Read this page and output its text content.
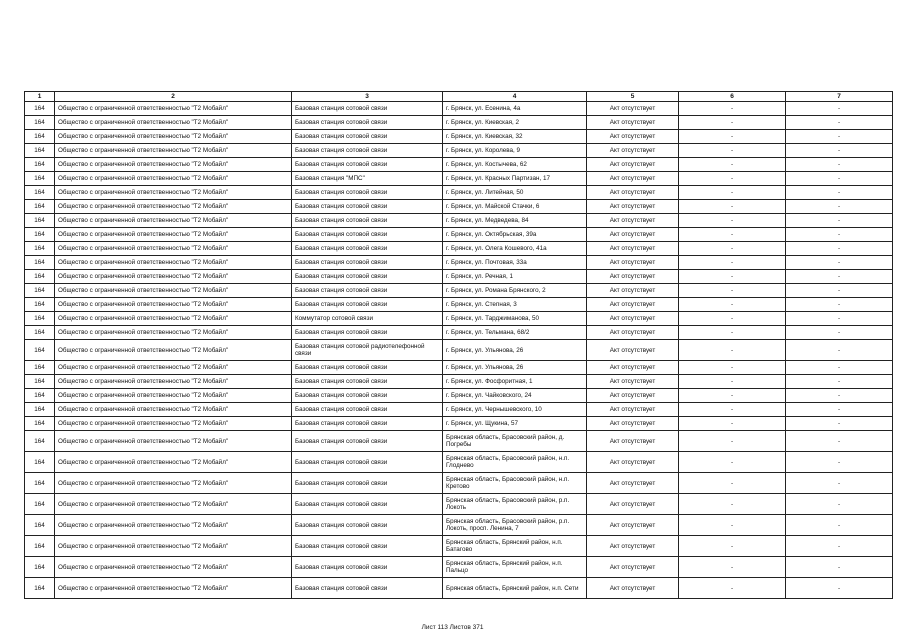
1	2	3	4	5	6	7
164	Общество с ограниченной ответственностью "Т2 Мобайл"	Базовая станция сотовой связи	г. Брянск, ул. Есенина, 4а	Акт отсутствует	-	-
164	Общество с ограниченной ответственностью "Т2 Мобайл"	Базовая станция сотовой связи	г. Брянск, ул. Киевская, 2	Акт отсутствует	-	-
164	Общество с ограниченной ответственностью "Т2 Мобайл"	Базовая станция сотовой связи	г. Брянск, ул. Киевская, 32	Акт отсутствует	-	-
164	Общество с ограниченной ответственностью "Т2 Мобайл"	Базовая станция сотовой связи	г. Брянск, ул. Королева, 9	Акт отсутствует	-	-
164	Общество с ограниченной ответственностью "Т2 Мобайл"	Базовая станция сотовой связи	г. Брянск, ул. Костычева, 62	Акт отсутствует	-	-
164	Общество с ограниченной ответственностью "Т2 Мобайл"	Базовая станция "МПС"	г. Брянск, ул. Красных Партизан, 17	Акт отсутствует	-	-
164	Общество с ограниченной ответственностью "Т2 Мобайл"	Базовая станция сотовой связи	г. Брянск, ул. Литейная, 50	Акт отсутствует	-	-
164	Общество с ограниченной ответственностью "Т2 Мобайл"	Базовая станция сотовой связи	г. Брянск, ул. Майской Стачки, 6	Акт отсутствует	-	-
164	Общество с ограниченной ответственностью "Т2 Мобайл"	Базовая станция сотовой связи	г. Брянск, ул. Медведева, 84	Акт отсутствует	-	-
164	Общество с ограниченной ответственностью "Т2 Мобайл"	Базовая станция сотовой связи	г. Брянск, ул. Октябрьская, 39а	Акт отсутствует	-	-
164	Общество с ограниченной ответственностью "Т2 Мобайл"	Базовая станция сотовой связи	г. Брянск, ул. Олега Кошевого, 41а	Акт отсутствует	-	-
164	Общество с ограниченной ответственностью "Т2 Мобайл"	Базовая станция сотовой связи	г. Брянск, ул. Почтовая, 33а	Акт отсутствует	-	-
164	Общество с ограниченной ответственностью "Т2 Мобайл"	Базовая станция сотовой связи	г. Брянск, ул. Речная, 1	Акт отсутствует	-	-
164	Общество с ограниченной ответственностью "Т2 Мобайл"	Базовая станция сотовой связи	г. Брянск, ул. Романа Брянского, 2	Акт отсутствует	-	-
164	Общество с ограниченной ответственностью "Т2 Мобайл"	Базовая станция сотовой связи	г. Брянск, ул. Степная, 3	Акт отсутствует	-	-
164	Общество с ограниченной ответственностью "Т2 Мобайл"	Коммутатор сотовой связи	г. Брянск, ул. Тарджиманова, 50	Акт отсутствует	-	-
164	Общество с ограниченной ответственностью "Т2 Мобайл"	Базовая станция сотовой связи	г. Брянск, ул. Тельмана, 68/2	Акт отсутствует	-	-
164	Общество с ограниченной ответственностью "Т2 Мобайл"	Базовая станция сотовой радиотелефонной связи	г. Брянск, ул. Ульянова, 26	Акт отсутствует	-	-
164	Общество с ограниченной ответственностью "Т2 Мобайл"	Базовая станция сотовой связи	г. Брянск, ул. Ульянова, 26	Акт отсутствует	-	-
164	Общество с ограниченной ответственностью "Т2 Мобайл"	Базовая станция сотовой связи	г. Брянск, ул. Фосфоритная, 1	Акт отсутствует	-	-
164	Общество с ограниченной ответственностью "Т2 Мобайл"	Базовая станция сотовой связи	г. Брянск, ул. Чайковского, 24	Акт отсутствует	-	-
164	Общество с ограниченной ответственностью "Т2 Мобайл"	Базовая станция сотовой связи	г. Брянск, ул. Чернышевского, 10	Акт отсутствует	-	-
164	Общество с ограниченной ответственностью "Т2 Мобайл"	Базовая станция сотовой связи	г. Брянск, ул. Щукина, 57	Акт отсутствует	-	-
164	Общество с ограниченной ответственностью "Т2 Мобайл"	Базовая станция сотовой связи	Брянская область, Брасовский район, д. Погребы	Акт отсутствует	-	-
164	Общество с ограниченной ответственностью "Т2 Мобайл"	Базовая станция сотовой связи	Брянская область, Брасовский район, н.п. Глоднево	Акт отсутствует	-	-
164	Общество с ограниченной ответственностью "Т2 Мобайл"	Базовая станция сотовой связи	Брянская область, Брасовский район, н.п. Кретово	Акт отсутствует	-	-
164	Общество с ограниченной ответственностью "Т2 Мобайл"	Базовая станция сотовой связи	Брянская область, Брасовский район, р.п. Локоть	Акт отсутствует	-	-
164	Общество с ограниченной ответственностью "Т2 Мобайл"	Базовая станция сотовой связи	Брянская область, Брасовский район, р.п. Локоть, просп. Ленина, 7	Акт отсутствует	-	-
164	Общество с ограниченной ответственностью "Т2 Мобайл"	Базовая станция сотовой связи	Брянская область, Брянский район, н.п. Батагово	Акт отсутствует	-	-
164	Общество с ограниченной ответственностью "Т2 Мобайл"	Базовая станция сотовой связи	Брянская область, Брянский район, н.п. Пальцо	Акт отсутствует	-	-
164	Общество с ограниченной ответственностью "Т2 Мобайл"	Базовая станция сотовой связи	Брянская область, Брянский район, н.п. Сети	Акт отсутствует	-	-
Лист 113 Листов 371
